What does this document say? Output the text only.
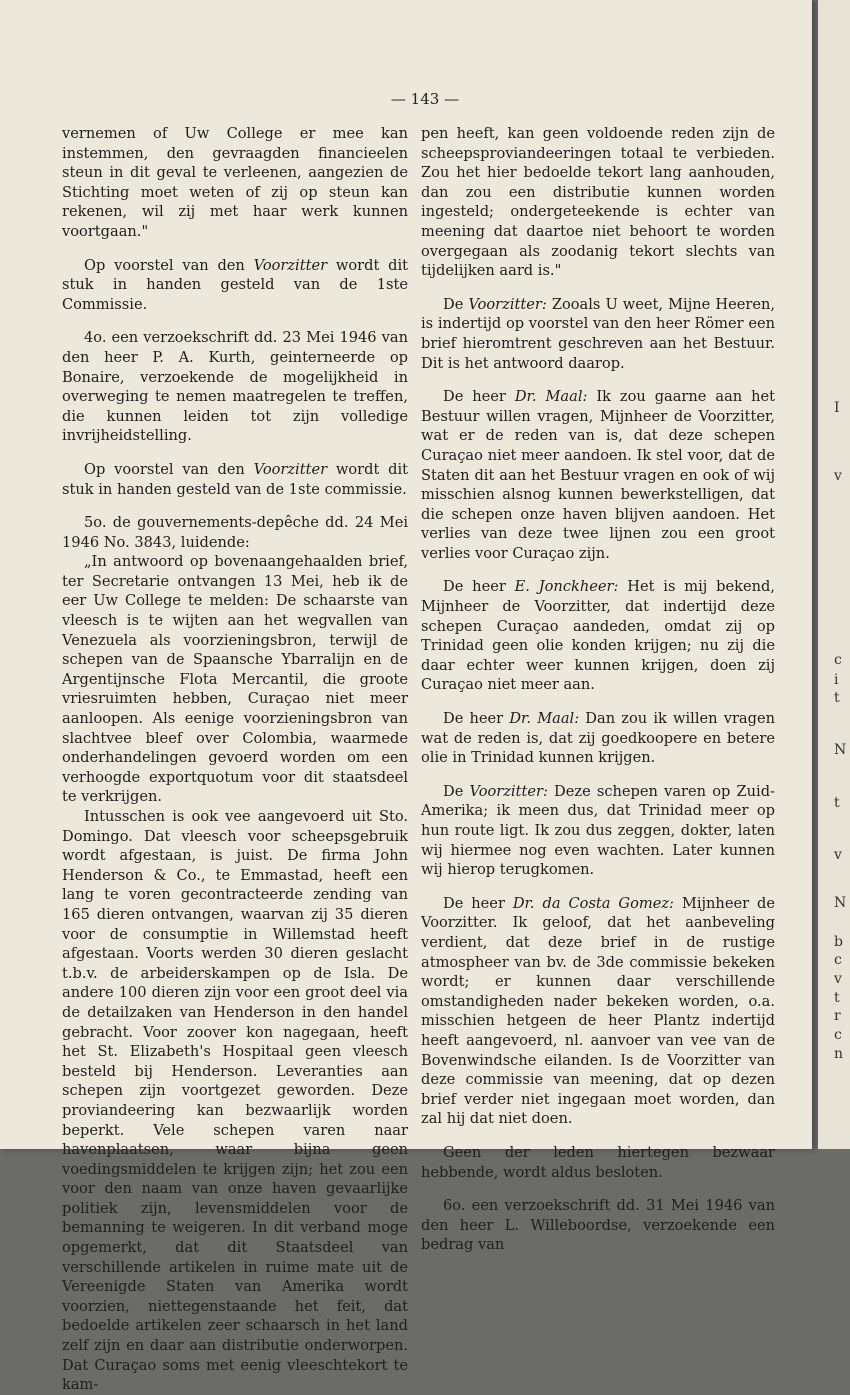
— 143 —

vernemen of Uw College er mee kan instemmen, den gevraagden financieelen steun in dit geval te verleenen, aangezien de Stichting moet weten of zij op steun kan rekenen, wil zij met haar werk kunnen voortgaan."

Op voorstel van den Voorzitter wordt dit stuk in handen gesteld van de 1ste Commissie.

4o. een verzoekschrift dd. 23 Mei 1946 van den heer P. A. Kurth, geinterneerde op Bonaire, verzoekende de mogelijkheid in overweging te nemen maatregelen te treffen, die kunnen leiden tot zijn volledige invrijheidstelling.

Op voorstel van den Voorzitter wordt dit stuk in handen gesteld van de 1ste commissie.

5o. de gouvernements-depêche dd. 24 Mei 1946 No. 3843, luidende:

„In antwoord op bovenaangehaalden brief, ter Secretarie ontvangen 13 Mei, heb ik de eer Uw College te melden: De schaarste van vleesch is te wijten aan het wegvallen van Venezuela als voorzieningsbron, terwijl de schepen van de Spaansche Ybarralijn en de Argentijnsche Flota Mercantil, die groote vriesruimten hebben, Curaçao niet meer aanloopen. Als eenige voorzieningsbron van slachtvee bleef over Colombia, waarmede onderhandelingen gevoerd worden om een verhoogde exportquotum voor dit staatsdeel te verkrijgen.

Intusschen is ook vee aangevoerd uit Sto. Domingo. Dat vleesch voor scheepsgebruik wordt afgestaan, is juist. De firma John Henderson & Co., te Emmastad, heeft een lang te voren gecontracteerde zending van 165 dieren ontvangen, waarvan zij 35 dieren voor de consumptie in Willemstad heeft afgestaan. Voorts werden 30 dieren geslacht t.b.v. de arbeiderskampen op de Isla. De andere 100 dieren zijn voor een groot deel via de detailzaken van Henderson in den handel gebracht. Voor zoover kon nagegaan, heeft het St. Elizabeth's Hospitaal geen vleesch besteld bij Henderson. Leveranties aan schepen zijn voortgezet geworden. Deze proviandeering kan bezwaarlijk worden beperkt. Vele schepen varen naar havenplaatsen, waar bijna geen voedingsmiddelen te krijgen zijn; het zou een voor den naam van onze haven gevaarlijke politiek zijn, levensmiddelen voor de bemanning te weigeren. In dit verband moge opgemerkt, dat dit Staatsdeel van verschillende artikelen in ruime mate uit de Vereenigde Staten van Amerika wordt voorzien, niettegenstaande het feit, dat bedoelde artikelen zeer schaarsch in het land zelf zijn en daar aan distributie onderworpen. Dat Curaçao soms met eenig vleeschtekort te kam-

pen heeft, kan geen voldoende reden zijn de scheepsproviandeeringen totaal te verbieden. Zou het hier bedoelde tekort lang aanhouden, dan zou een distributie kunnen worden ingesteld; ondergeteekende is echter van meening dat daartoe niet behoort te worden overgegaan als zoodanig tekort slechts van tijdelijken aard is."

De Voorzitter: Zooals U weet, Mijne Heeren, is indertijd op voorstel van den heer Römer een brief hieromtrent geschreven aan het Bestuur. Dit is het antwoord daarop.

De heer Dr. Maal: Ik zou gaarne aan het Bestuur willen vragen, Mijnheer de Voorzitter, wat er de reden van is, dat deze schepen Curaçao niet meer aandoen. Ik stel voor, dat de Staten dit aan het Bestuur vragen en ook of wij misschien alsnog kunnen bewerkstelligen, dat die schepen onze haven blijven aandoen. Het verlies van deze twee lijnen zou een groot verlies voor Curaçao zijn.

De heer E. Jonckheer: Het is mij bekend, Mijnheer de Voorzitter, dat indertijd deze schepen Curaçao aandeden, omdat zij op Trinidad geen olie konden krijgen; nu zij die daar echter weer kunnen krijgen, doen zij Curaçao niet meer aan.

De heer Dr. Maal: Dan zou ik willen vragen wat de reden is, dat zij goedkoopere en betere olie in Trinidad kunnen krijgen.

De Voorzitter: Deze schepen varen op Zuid-Amerika; ik meen dus, dat Trinidad meer op hun route ligt. Ik zou dus zeggen, dokter, laten wij hiermee nog even wachten. Later kunnen wij hierop terugkomen.

De heer Dr. da Costa Gomez: Mijnheer de Voorzitter. Ik geloof, dat het aanbeveling verdient, dat deze brief in de rustige atmospheer van bv. de 3de commissie bekeken wordt; er kunnen daar verschillende omstandigheden nader bekeken worden, o.a. misschien hetgeen de heer Plantz indertijd heeft aangevoerd, nl. aanvoer van vee van de Bovenwindsche eilanden. Is de Voorzitter van deze commissie van meening, dat op dezen brief verder niet ingegaan moet worden, dan zal hij dat niet doen.

Geen der leden hiertegen bezwaar hebbende, wordt aldus besloten.

6o. een verzoekschrift dd. 31 Mei 1946 van den heer L. Willeboordse, verzoekende een bedrag van

I
v
c
i
t
N
t
v
N
b
c
v
t
r
c
n
